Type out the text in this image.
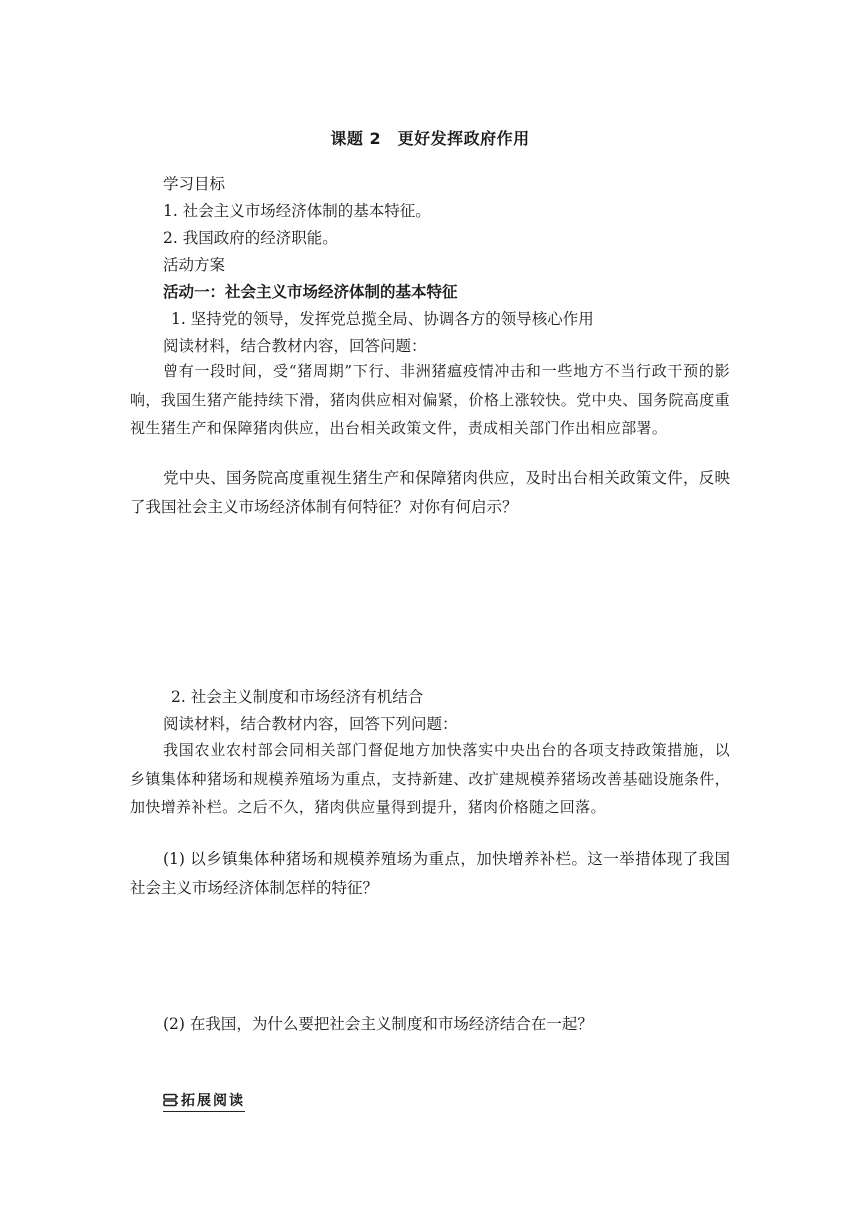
课题 2　更好发挥政府作用
学习目标
1. 社会主义市场经济体制的基本特征。
2. 我国政府的经济职能。
活动方案
活动一：社会主义市场经济体制的基本特征
1. 坚持党的领导，发挥党总揽全局、协调各方的领导核心作用
阅读材料，结合教材内容，回答问题：
曾有一段时间，受“猪周期”下行、非洲猪瘟疫情冲击和一些地方不当行政干预的影响，我国生猪产能持续下滑，猪肉供应相对偏紧，价格上涨较快。党中央、国务院高度重视生猪生产和保障猪肉供应，出台相关政策文件，责成相关部门作出相应部署。
党中央、国务院高度重视生猪生产和保障猪肉供应，及时出台相关政策文件，反映了我国社会主义市场经济体制有何特征？对你有何启示？
2. 社会主义制度和市场经济有机结合
阅读材料，结合教材内容，回答下列问题：
我国农业农村部会同相关部门督促地方加快落实中央出台的各项支持政策措施，以乡镇集体种猪场和规模养殖场为重点，支持新建、改扩建规模养猪场改善基础设施条件，加快增养补栏。之后不久，猪肉供应量得到提升，猪肉价格随之回落。
(1) 以乡镇集体种猪场和规模养殖场为重点，加快增养补栏。这一举措体现了我国社会主义市场经济体制怎样的特征？
(2) 在我国，为什么要把社会主义制度和市场经济结合在一起？
拓展阅读
